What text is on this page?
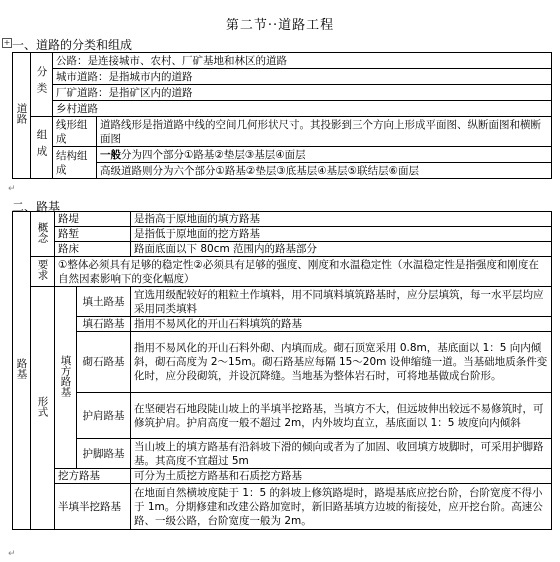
第二节··道路工程
+ 一、道路的分类和组成
道路	分类	公路：是连接城市、农村、厂矿基地和林区的道路	
		城市道路：是指城市内的道路	
		厂矿道路：是指矿区内的道路	
		乡村道路	
	组成	线形组成	道路线形是指道路中线的空间几何形状尺寸。其投影到三个方向上形成平面图、纵断面图和横断面图
		结构组成	一般分为四个部分①路基②垫层③基层④面层
			高级道路则分为六个部分①路基②垫层③底基层④基层⑤联结层⑥面层
↵
二、路基
路基	概念	路堤		是指高于原地面的填方路基
		路堑		是指低于原地面的挖方路基
		路床		路面底面以下 80cm 范围内的路基部分
	要求	①整体必须具有足够的稳定性②必须具有足够的强度、刚度和水温稳定性（水温稳定性是指强度和刚度在自然因素影响下的变化幅度）		
	形式	填方路基	填土路基	宜选用级配较好的粗粒土作填料，用不同填料填筑路基时，应分层填筑，每一水平层均应采用同类填料
			填石路基	指用不易风化的开山石料填筑的路基
			砌石路基	指用不易风化的开山石料外砌、内填而成。砌石顶宽采用 0.8m，基底面以 1：5 向内倾斜，砌石高度为 2～15m。砌石路基应每隔 15～20m 设伸缩缝一道。当基础地质条件变化时，应分段砌筑，并设沉降缝。当地基为整体岩石时，可将地基做成台阶形。
			护肩路基	在坚硬岩石地段陡山坡上的半填半挖路基，当填方不大，但远坡伸出较远不易修筑时，可修筑护肩。护肩高度一般不超过 2m，内外坡均直立，基底面以 1：5 坡度向内倾斜
			护脚路基	当山坡上的填方路基有沿斜坡下滑的倾向或者为了加固、收回填方坡脚时，可采用护脚路基。其高度不宜超过 5m
		挖方路基		可分为土质挖方路基和石质挖方路基
		半填半挖路基		在地面自然横坡度陡于 1：5 的斜坡上修筑路堤时，路堤基底应挖台阶，台阶宽度不得小于 1m。分期修建和改建公路加宽时，新旧路基填方边坡的衔接处，应开挖台阶。高速公路、一级公路，台阶宽度一般为 2m。
↵
